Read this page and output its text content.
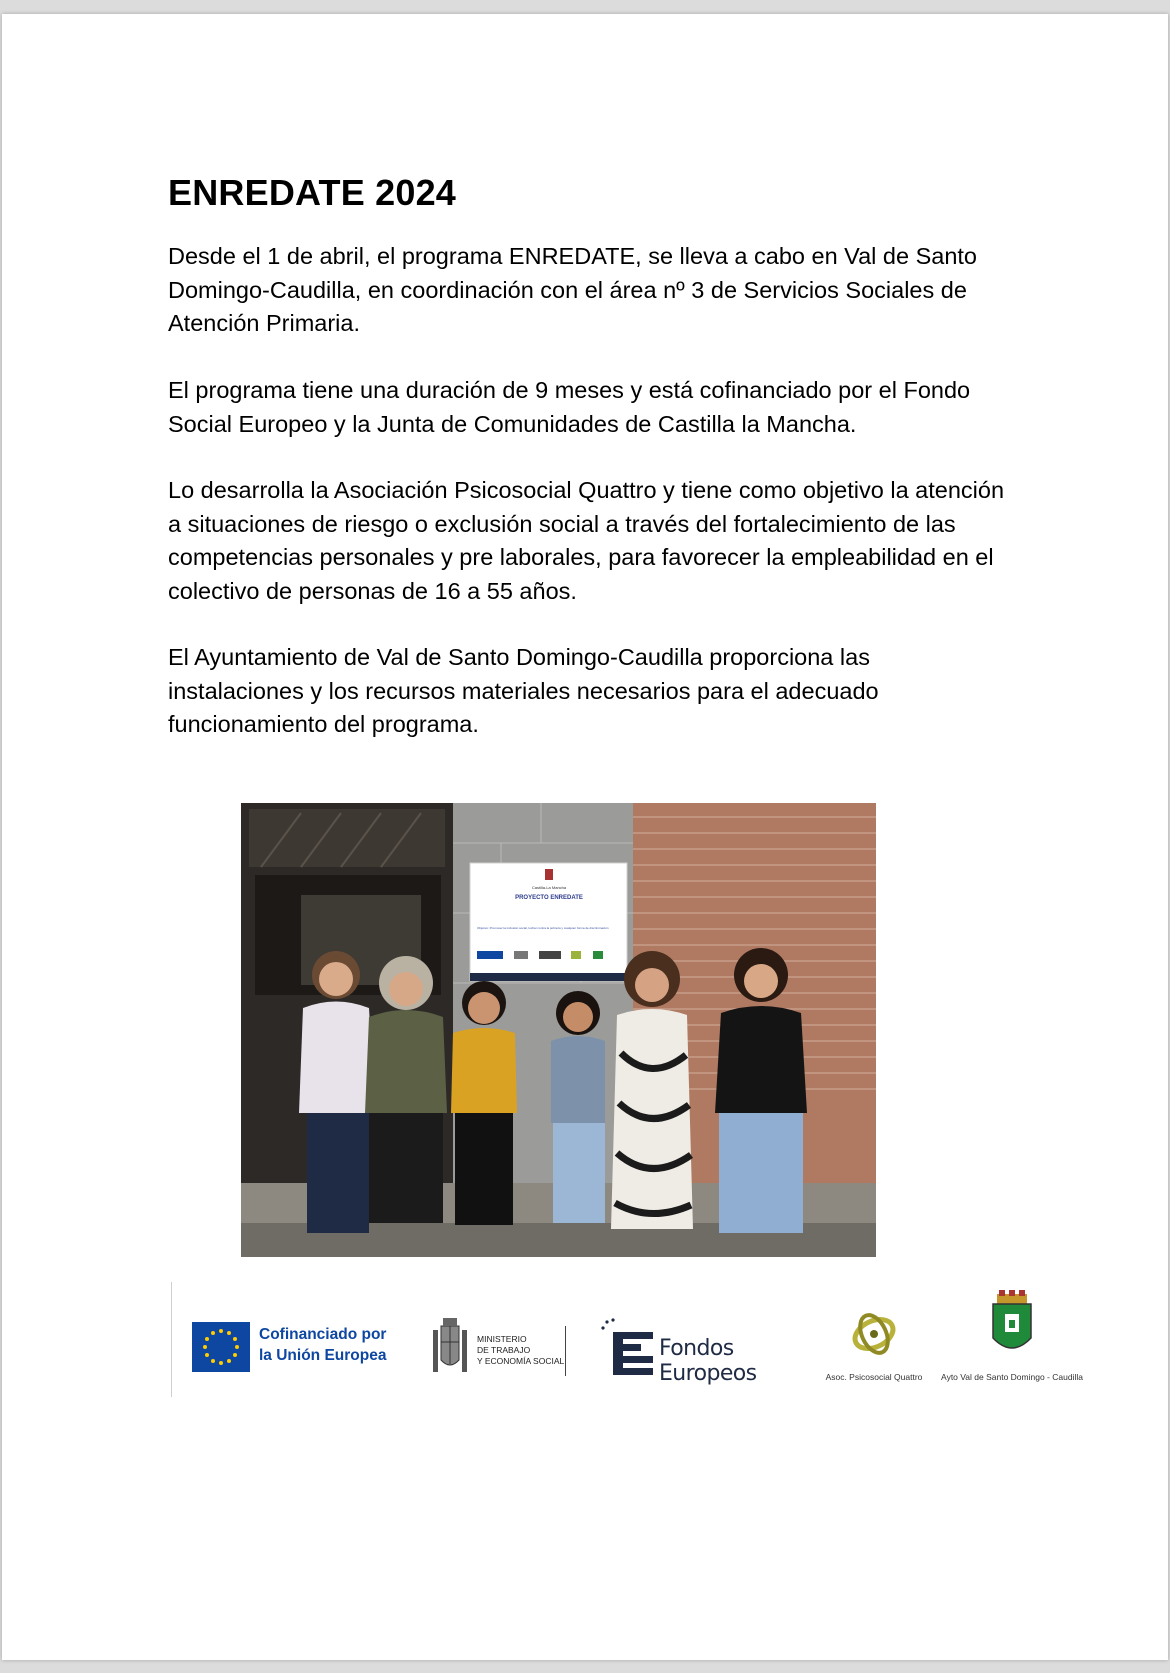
ENREDATE 2024

Desde el 1 de abril, el programa ENREDATE, se lleva a cabo en Val de Santo Domingo-Caudilla, en coordinación con el área nº 3 de Servicios Sociales de Atención Primaria.

El programa tiene una duración de 9 meses y está cofinanciado por el Fondo Social Europeo y la Junta de Comunidades de Castilla la Mancha.

Lo desarrolla la Asociación Psicosocial Quattro y tiene como objetivo la atención a situaciones de riesgo o exclusión social a través del fortalecimiento de las competencias personales y pre laborales, para favorecer la empleabilidad en el colectivo de personas de 16 a 55 años.

El Ayuntamiento de Val de Santo Domingo-Caudilla proporciona las instalaciones y los recursos materiales necesarios para el adecuado funcionamiento del programa.

Castilla-La Mancha
PROYECTO ENREDATE
Objetivo: Promover la inclusión social, luchar contra la pobreza y cualquier forma de discriminación
Cofinanciado por
la Unión Europea
MINISTERIO
DE TRABAJO
Y ECONOMÍA SOCIAL	Fondos Europeos	Asoc. Psicosocial Quattro	Ayto Val de Santo Domingo - Caudilla
